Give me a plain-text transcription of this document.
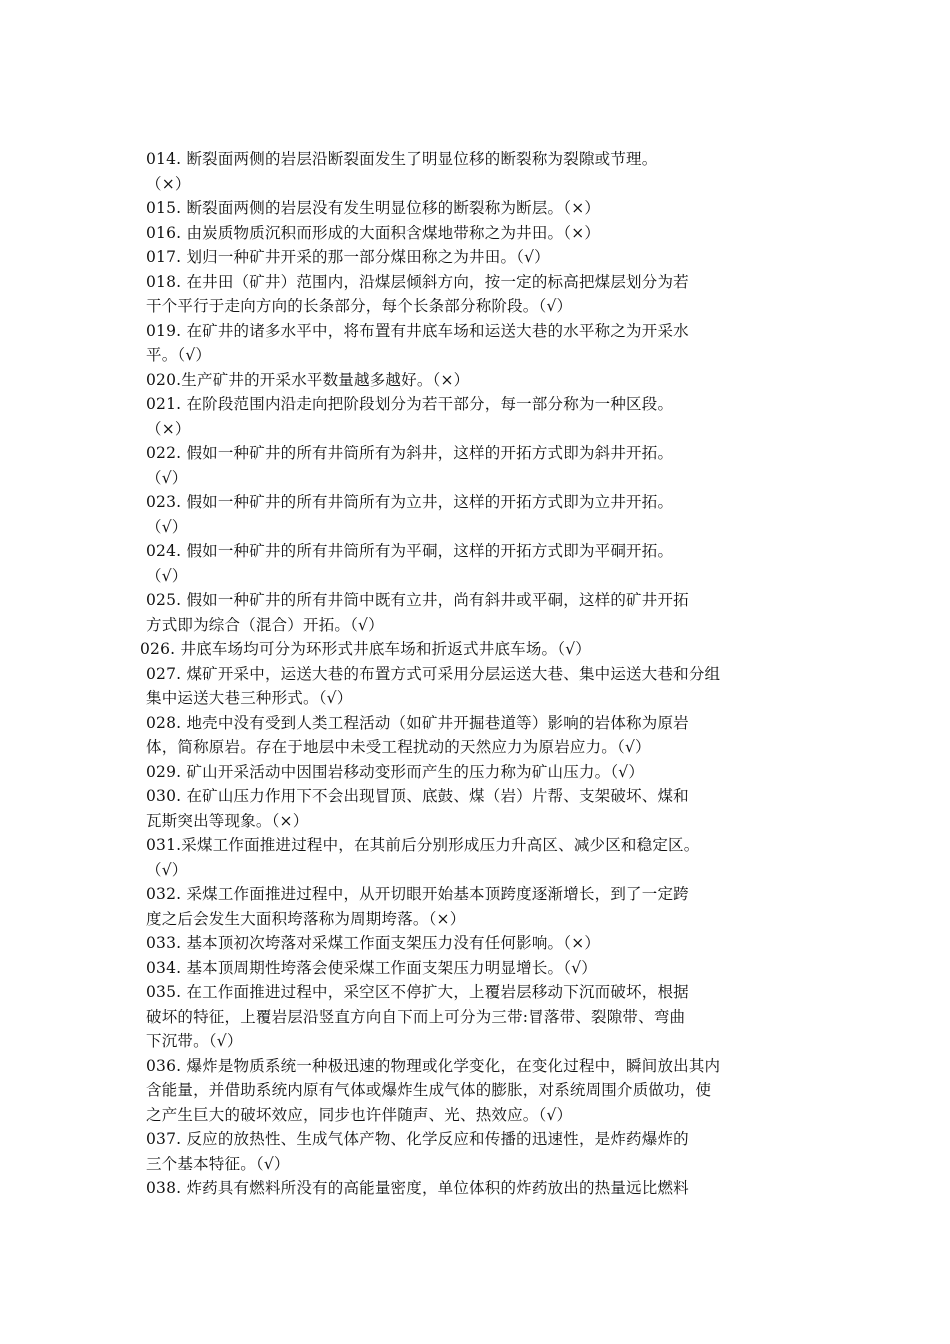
014. 断裂面两侧的岩层沿断裂面发生了明显位移的断裂称为裂隙或节理。
（×）
015. 断裂面两侧的岩层没有发生明显位移的断裂称为断层。（×）
016. 由炭质物质沉积而形成的大面积含煤地带称之为井田。（×）
017. 划归一种矿井开采的那一部分煤田称之为井田。（√）
018. 在井田（矿井）范围内，沿煤层倾斜方向，按一定的标高把煤层划分为若
干个平行于走向方向的长条部分，每个长条部分称阶段。（√）
019. 在矿井的诸多水平中，将布置有井底车场和运送大巷的水平称之为开采水
平。（√）
020.生产矿井的开采水平数量越多越好。（×）
021. 在阶段范围内沿走向把阶段划分为若干部分，每一部分称为一种区段。
（×）
022. 假如一种矿井的所有井筒所有为斜井，这样的开拓方式即为斜井开拓。
（√）
023. 假如一种矿井的所有井筒所有为立井，这样的开拓方式即为立井开拓。
（√）
024. 假如一种矿井的所有井筒所有为平硐，这样的开拓方式即为平硐开拓。
（√）
025. 假如一种矿井的所有井筒中既有立井，尚有斜井或平硐，这样的矿井开拓
方式即为综合（混合）开拓。（√）
026. 井底车场均可分为环形式井底车场和折返式井底车场。（√）
027. 煤矿开采中，运送大巷的布置方式可采用分层运送大巷、集中运送大巷和分组
集中运送大巷三种形式。（√）
028. 地壳中没有受到人类工程活动（如矿井开掘巷道等）影响的岩体称为原岩
体，简称原岩。存在于地层中未受工程扰动的天然应力为原岩应力。（√）
029. 矿山开采活动中因围岩移动变形而产生的压力称为矿山压力。（√）
030. 在矿山压力作用下不会出现冒顶、底鼓、煤（岩）片帮、支架破坏、煤和
瓦斯突出等现象。（×）
031.采煤工作面推进过程中，在其前后分别形成压力升高区、减少区和稳定区。
（√）
032. 采煤工作面推进过程中，从开切眼开始基本顶跨度逐渐增长，到了一定跨
度之后会发生大面积垮落称为周期垮落。（×）
033. 基本顶初次垮落对采煤工作面支架压力没有任何影响。（×）
034. 基本顶周期性垮落会使采煤工作面支架压力明显增长。（√）
035. 在工作面推进过程中，采空区不停扩大，上覆岩层移动下沉而破坏，根据
破坏的特征，上覆岩层沿竖直方向自下而上可分为三带:冒落带、裂隙带、弯曲
下沉带。（√）
036. 爆炸是物质系统一种极迅速的物理或化学变化，在变化过程中，瞬间放出其内
含能量，并借助系统内原有气体或爆炸生成气体的膨胀，对系统周围介质做功，使
之产生巨大的破坏效应，同步也许伴随声、光、热效应。（√）
037. 反应的放热性、生成气体产物、化学反应和传播的迅速性，是炸药爆炸的
三个基本特征。（√）
038. 炸药具有燃料所没有的高能量密度，单位体积的炸药放出的热量远比燃料
